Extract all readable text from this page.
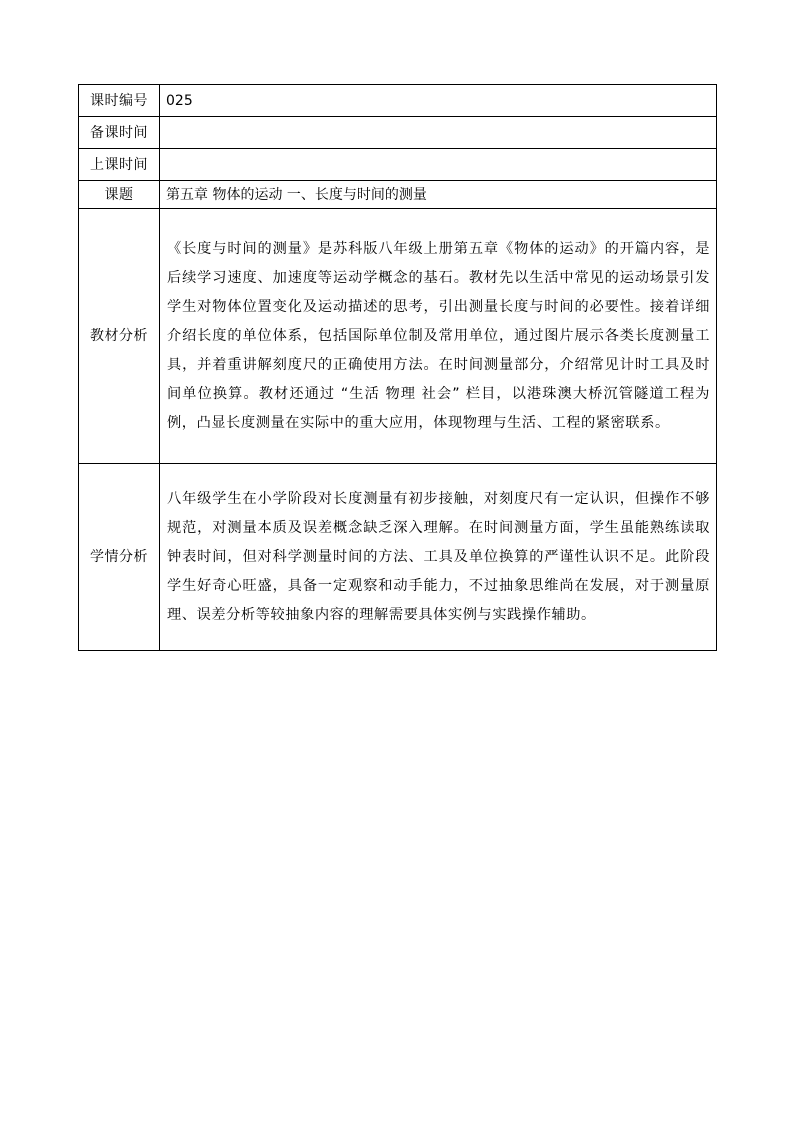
课时编号	025
备课时间	
上课时间	
课题	第五章 物体的运动 一、长度与时间的测量
教材分析	《长度与时间的测量》是苏科版八年级上册第五章《物体的运动》的开篇内容，是后续学习速度、加速度等运动学概念的基石。教材先以生活中常见的运动场景引发学生对物体位置变化及运动描述的思考，引出测量长度与时间的必要性。接着详细介绍长度的单位体系，包括国际单位制及常用单位，通过图片展示各类长度测量工具，并着重讲解刻度尺的正确使用方法。在时间测量部分，介绍常见计时工具及时间单位换算。教材还通过 “生活 物理 社会” 栏目，以港珠澳大桥沉管隧道工程为例，凸显长度测量在实际中的重大应用，体现物理与生活、工程的紧密联系。
学情分析	八年级学生在小学阶段对长度测量有初步接触，对刻度尺有一定认识，但操作不够规范，对测量本质及误差概念缺乏深入理解。在时间测量方面，学生虽能熟练读取钟表时间，但对科学测量时间的方法、工具及单位换算的严谨性认识不足。此阶段学生好奇心旺盛，具备一定观察和动手能力，不过抽象思维尚在发展，对于测量原理、误差分析等较抽象内容的理解需要具体实例与实践操作辅助。
